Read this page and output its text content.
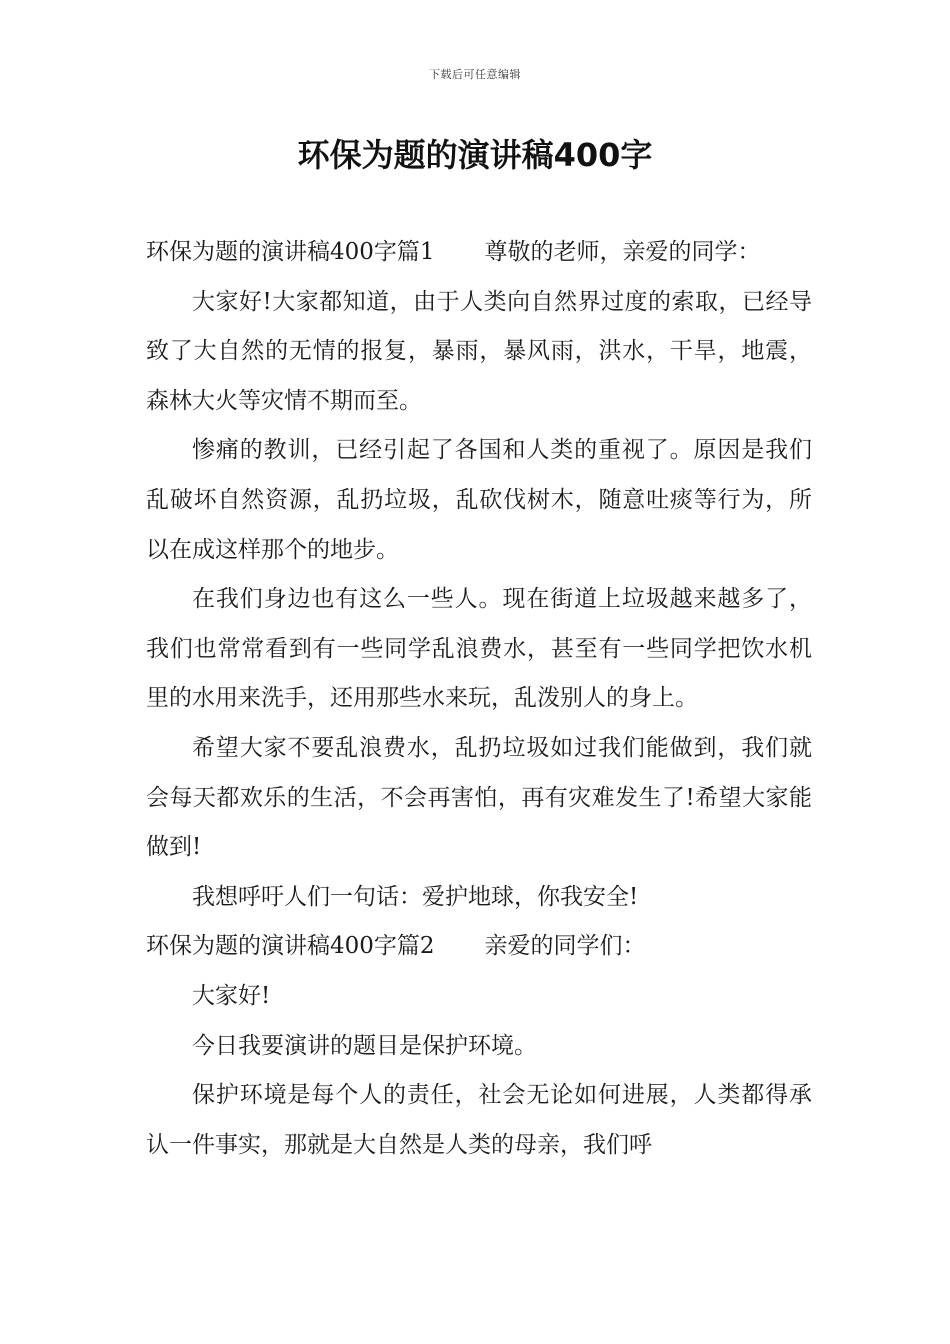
下载后可任意编辑
环保为题的演讲稿400字

环保为题的演讲稿400字篇1 尊敬的老师，亲爱的同学：

大家好!大家都知道，由于人类向自然界过度的索取，已经导致了大自然的无情的报复，暴雨，暴风雨，洪水，干旱，地震，森林大火等灾情不期而至。

惨痛的教训，已经引起了各国和人类的重视了。原因是我们乱破坏自然资源，乱扔垃圾，乱砍伐树木，随意吐痰等行为，所以在成这样那个的地步。

在我们身边也有这么一些人。现在街道上垃圾越来越多了，我们也常常看到有一些同学乱浪费水，甚至有一些同学把饮水机里的水用来洗手，还用那些水来玩，乱泼别人的身上。

希望大家不要乱浪费水，乱扔垃圾如过我们能做到，我们就会每天都欢乐的生活，不会再害怕，再有灾难发生了!希望大家能做到!

我想呼吁人们一句话：爱护地球，你我安全!

环保为题的演讲稿400字篇2 亲爱的同学们：

大家好!

今日我要演讲的题目是保护环境。

保护环境是每个人的责任，社会无论如何进展，人类都得承认一件事实，那就是大自然是人类的母亲，我们呼
